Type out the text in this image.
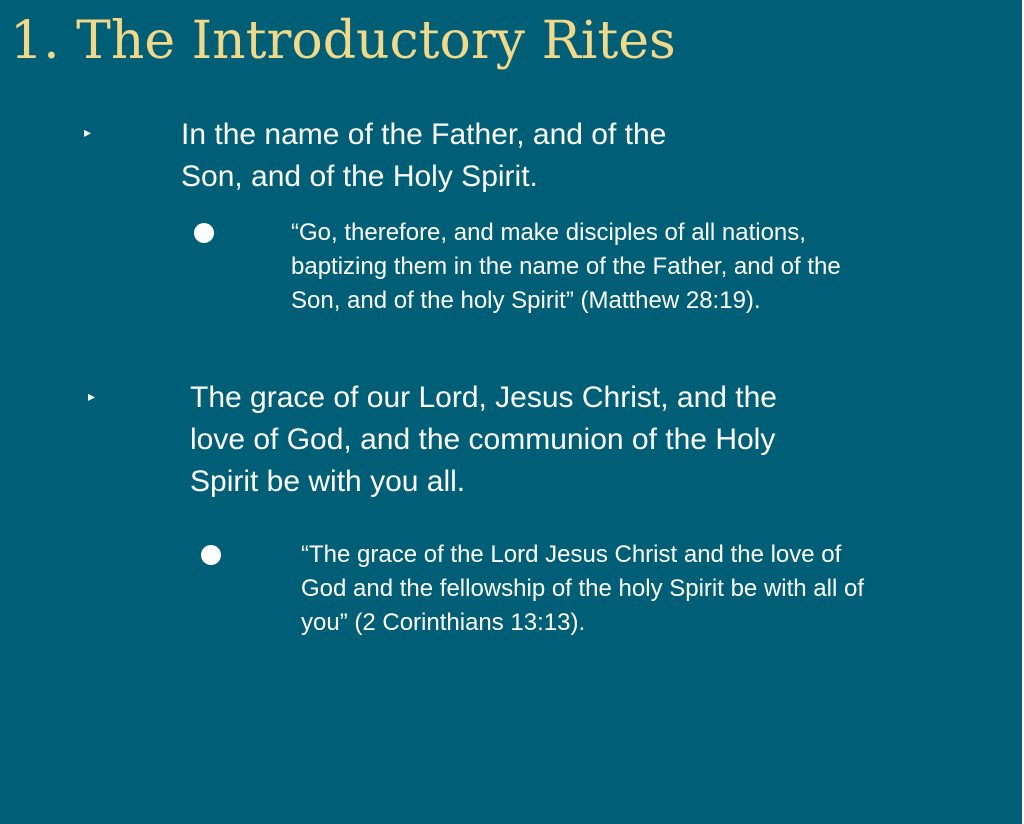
1. The Introductory Rites
▸	In the name of the Father, and of the
Son, and of the Holy Spirit.
“Go, therefore, and make disciples of all nations,
baptizing them in the name of the Father, and of the
Son, and of the holy Spirit” (Matthew 28:19).
▸	The grace of our Lord, Jesus Christ, and the
love of God, and the communion of the Holy
Spirit be with you all.
“The grace of the Lord Jesus Christ and the love of
God and the fellowship of the holy Spirit be with all of
you” (2 Corinthians 13:13).
